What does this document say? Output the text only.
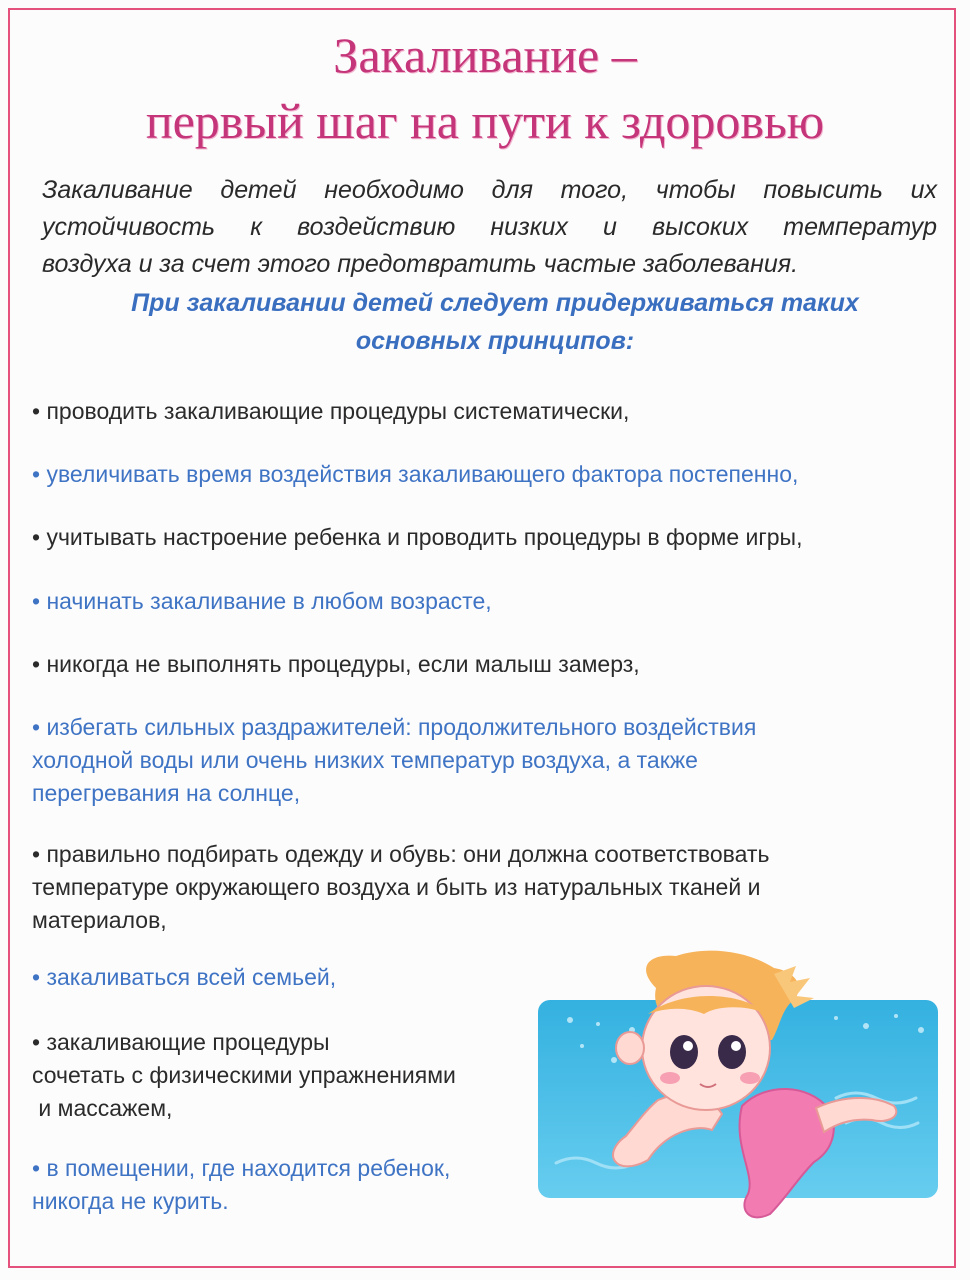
Закаливание –
первый шаг на пути к здоровью
Закаливание детей необходимо для того, чтобы повысить их
устойчивость к воздействию низких и высоких температур
воздуха и за счет этого предотвратить частые заболевания.
При закаливании детей следует придерживаться таких
основных принципов:
• проводить закаливающие процедуры систематически,
• увеличивать время воздействия закаливающего фактора постепенно,
• учитывать настроение ребенка и проводить процедуры в форме игры,
• начинать закаливание в любом возрасте,
• никогда не выполнять процедуры, если малыш замерз,
• избегать сильных раздражителей: продолжительного воздействия
холодной воды или очень низких температур воздуха, а также
перегревания на солнце,
• правильно подбирать одежду и обувь: они должна соответствовать
температуре окружающего воздуха и быть из натуральных тканей и
материалов,
• закаливаться всей семьей,
• закаливающие процедуры
сочетать с физическими упражнениями
и массажем,
• в помещении, где находится ребенок,
никогда не курить.
